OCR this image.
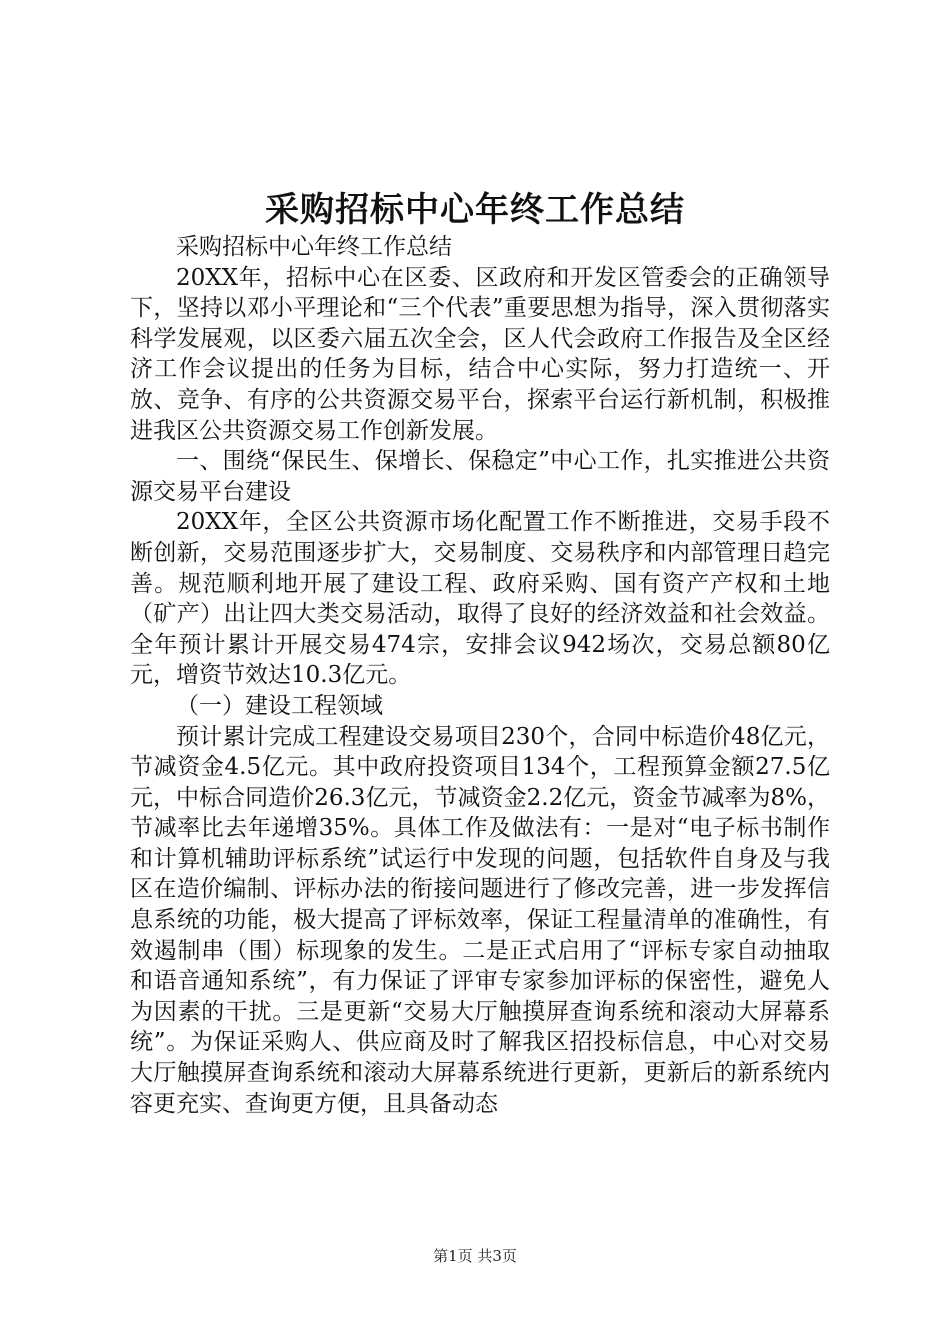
采购招标中心年终工作总结

采购招标中心年终工作总结

20XX年，招标中心在区委、区政府和开发区管委会的正确领导下，坚持以邓小平理论和“三个代表”重要思想为指导，深入贯彻落实科学发展观，以区委六届五次全会，区人代会政府工作报告及全区经济工作会议提出的任务为目标，结合中心实际，努力打造统一、开放、竞争、有序的公共资源交易平台，探索平台运行新机制，积极推进我区公共资源交易工作创新发展。

一、围绕“保民生、保增长、保稳定”中心工作，扎实推进公共资源交易平台建设

20XX年，全区公共资源市场化配置工作不断推进，交易手段不断创新，交易范围逐步扩大，交易制度、交易秩序和内部管理日趋完善。规范顺利地开展了建设工程、政府采购、国有资产产权和土地（矿产）出让四大类交易活动，取得了良好的经济效益和社会效益。全年预计累计开展交易474宗，安排会议942场次，交易总额80亿元，增资节效达10.3亿元。

（一）建设工程领域

预计累计完成工程建设交易项目230个，合同中标造价48亿元，节减资金4.5亿元。其中政府投资项目134个，工程预算金额27.5亿元，中标合同造价26.3亿元，节减资金2.2亿元，资金节减率为8%，节减率比去年递增35%。具体工作及做法有：一是对“电子标书制作和计算机辅助评标系统”试运行中发现的问题，包括软件自身及与我区在造价编制、评标办法的衔接问题进行了修改完善，进一步发挥信息系统的功能，极大提高了评标效率，保证工程量清单的准确性，有效遏制串（围）标现象的发生。二是正式启用了“评标专家自动抽取和语音通知系统”，有力保证了评审专家参加评标的保密性，避免人为因素的干扰。三是更新“交易大厅触摸屏查询系统和滚动大屏幕系统”。为保证采购人、供应商及时了解我区招投标信息，中心对交易大厅触摸屏查询系统和滚动大屏幕系统进行更新，更新后的新系统内容更充实、查询更方便，且具备动态

第1页 共3页
